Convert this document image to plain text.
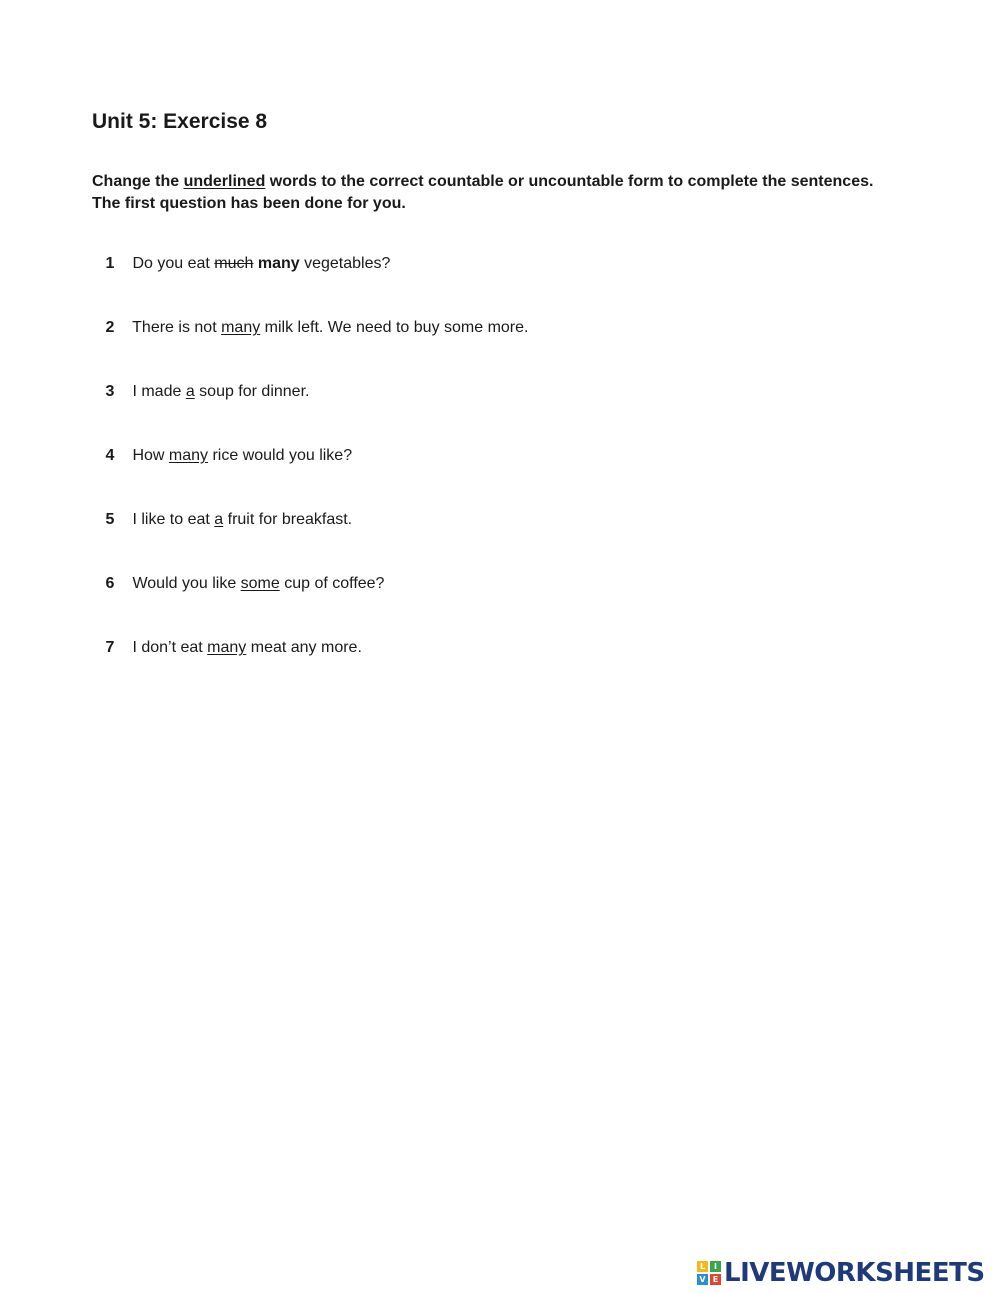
Unit 5: Exercise 8

Change the underlined words to the correct countable or uncountable form to complete the sentences. The first question has been done for you.

1 Do you eat much many vegetables?
2 There is not many milk left. We need to buy some more.
3 I made a soup for dinner.
4 How many rice would you like?
5 I like to eat a fruit for breakfast.
6 Would you like some cup of coffee?
7 I don’t eat many meat any more.
L	I
V E LIVEWORKSHEETS
